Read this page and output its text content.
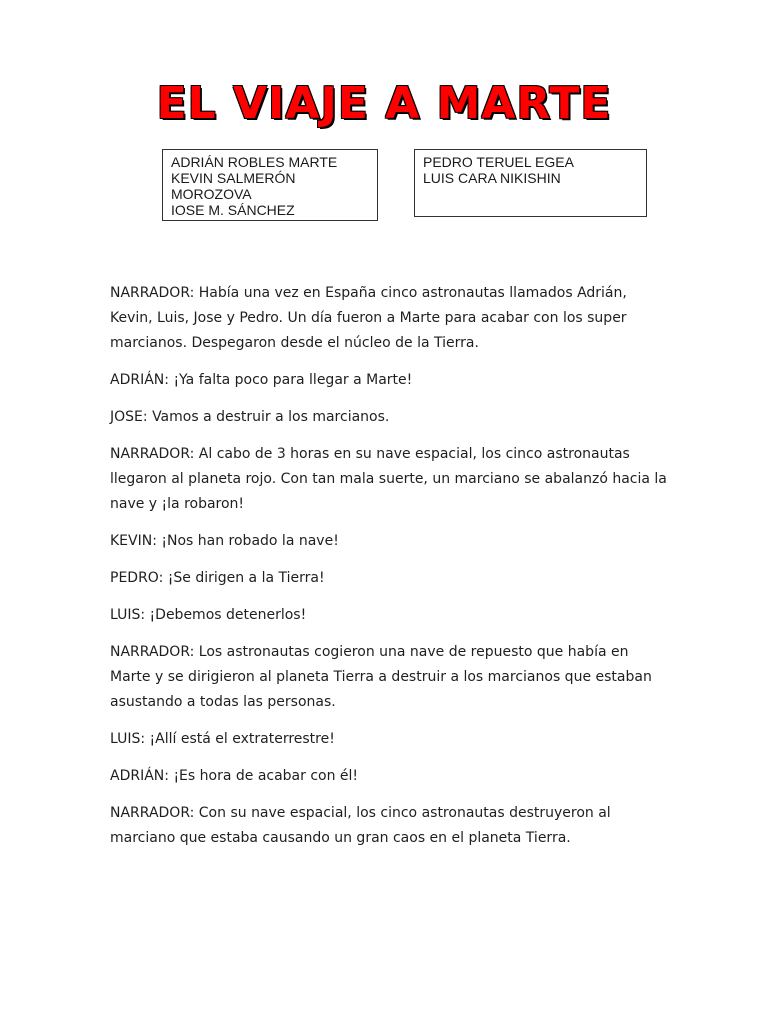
EL VIAJE A MARTE
ADRIÁN ROBLES MARTE
KEVIN SALMERÓN
MOROZOVA
IOSE M. SÁNCHEZ
PEDRO TERUEL EGEA
LUIS CARA NIKISHIN

NARRADOR: Había una vez en España cinco astronautas llamados Adrián, Kevin, Luis, Jose y Pedro. Un día fueron a Marte para acabar con los super marcianos. Despegaron desde el núcleo de la Tierra.

ADRIÁN: ¡Ya falta poco para llegar a Marte!

JOSE: Vamos a destruir a los marcianos.

NARRADOR: Al cabo de 3 horas en su nave espacial, los cinco astronautas llegaron al planeta rojo. Con tan mala suerte, un marciano se abalanzó hacia la nave y ¡la robaron!

KEVIN: ¡Nos han robado la nave!

PEDRO: ¡Se dirigen a la Tierra!

LUIS: ¡Debemos detenerlos!

NARRADOR: Los astronautas cogieron una nave de repuesto que había en Marte y se dirigieron al planeta Tierra a destruir a los marcianos que estaban asustando a todas las personas.

LUIS: ¡Allí está el extraterrestre!

ADRIÁN: ¡Es hora de acabar con él!

NARRADOR: Con su nave espacial, los cinco astronautas destruyeron al marciano que estaba causando un gran caos en el planeta Tierra.
